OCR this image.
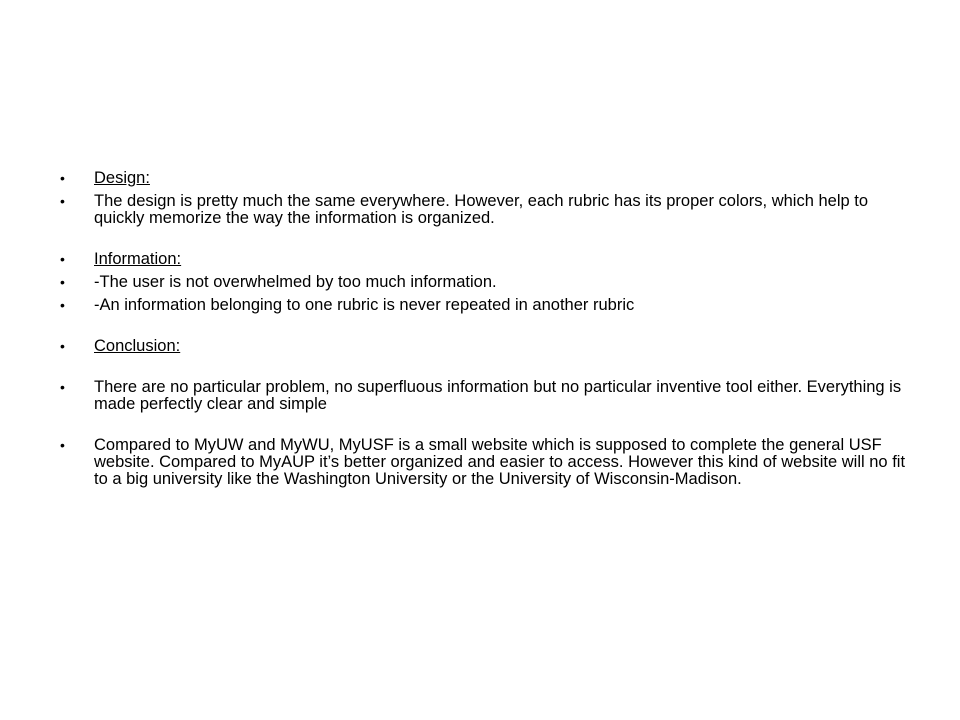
•	Design:
•	The design is pretty much the same everywhere. However, each rubric has its proper colors, which help to quickly memorize the way the information is organized.
•	Information:
•	-The user is not overwhelmed by too much information.
•	-An information belonging to one rubric is never repeated in another rubric
•	Conclusion:
•	There are no particular problem, no superfluous information but no particular inventive tool either. Everything is made perfectly clear and simple
•	Compared to MyUW and MyWU, MyUSF is a small website which is supposed to complete the general USF website. Compared to MyAUP it’s better organized and easier to access. However this kind of website will no fit to a big university like the Washington University or the University of Wisconsin-Madison.
